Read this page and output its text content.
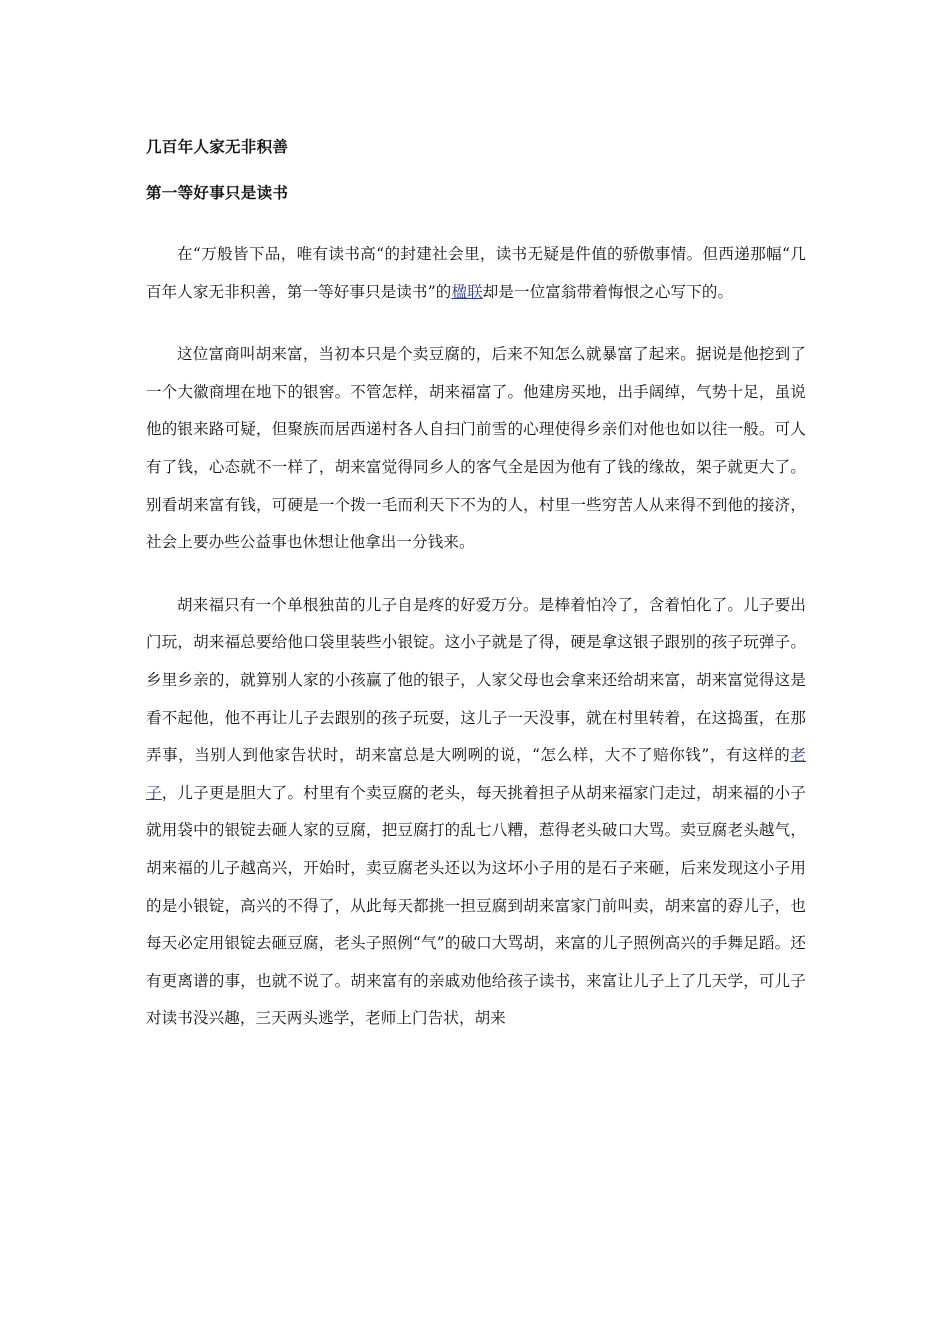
几百年人家无非积善

第一等好事只是读书

在“万般皆下品，唯有读书高“的封建社会里，读书无疑是件值的骄傲事情。但西递那幅“几百年人家无非积善，第一等好事只是读书”的楹联却是一位富翁带着悔恨之心写下的。

这位富商叫胡来富，当初本只是个卖豆腐的，后来不知怎么就暴富了起来。据说是他挖到了一个大徽商埋在地下的银窖。不管怎样，胡来福富了。他建房买地，出手阔绰，气势十足，虽说他的银来路可疑，但聚族而居西递村各人自扫门前雪的心理使得乡亲们对他也如以往一般。可人有了钱，心态就不一样了，胡来富觉得同乡人的客气全是因为他有了钱的缘故，架子就更大了。别看胡来富有钱，可硬是一个拨一毛而利天下不为的人，村里一些穷苦人从来得不到他的接济，社会上要办些公益事也休想让他拿出一分钱来。

胡来福只有一个单根独苗的儿子自是疼的好爱万分。是棒着怕冷了，含着怕化了。儿子要出门玩，胡来福总要给他口袋里装些小银锭。这小子就是了得，硬是拿这银子跟别的孩子玩弹子。乡里乡亲的，就算别人家的小孩赢了他的银子，人家父母也会拿来还给胡来富，胡来富觉得这是看不起他，他不再让儿子去跟别的孩子玩耍，这儿子一天没事，就在村里转着，在这捣蛋，在那弄事，当别人到他家告状时，胡来富总是大咧咧的说，“怎么样，大不了赔你钱”，有这样的老子，儿子更是胆大了。村里有个卖豆腐的老头，每天挑着担子从胡来福家门走过，胡来福的小子就用袋中的银锭去砸人家的豆腐，把豆腐打的乱七八糟，惹得老头破口大骂。卖豆腐老头越气，胡来福的儿子越高兴，开始时，卖豆腐老头还以为这坏小子用的是石子来砸，后来发现这小子用的是小银锭，高兴的不得了，从此每天都挑一担豆腐到胡来富家门前叫卖，胡来富的孬儿子，也每天必定用银锭去砸豆腐，老头子照例“气”的破口大骂胡，来富的儿子照例高兴的手舞足蹈。还有更离谱的事，也就不说了。胡来富有的亲戚劝他给孩子读书，来富让儿子上了几天学，可儿子对读书没兴趣，三天两头逃学，老师上门告状，胡来
